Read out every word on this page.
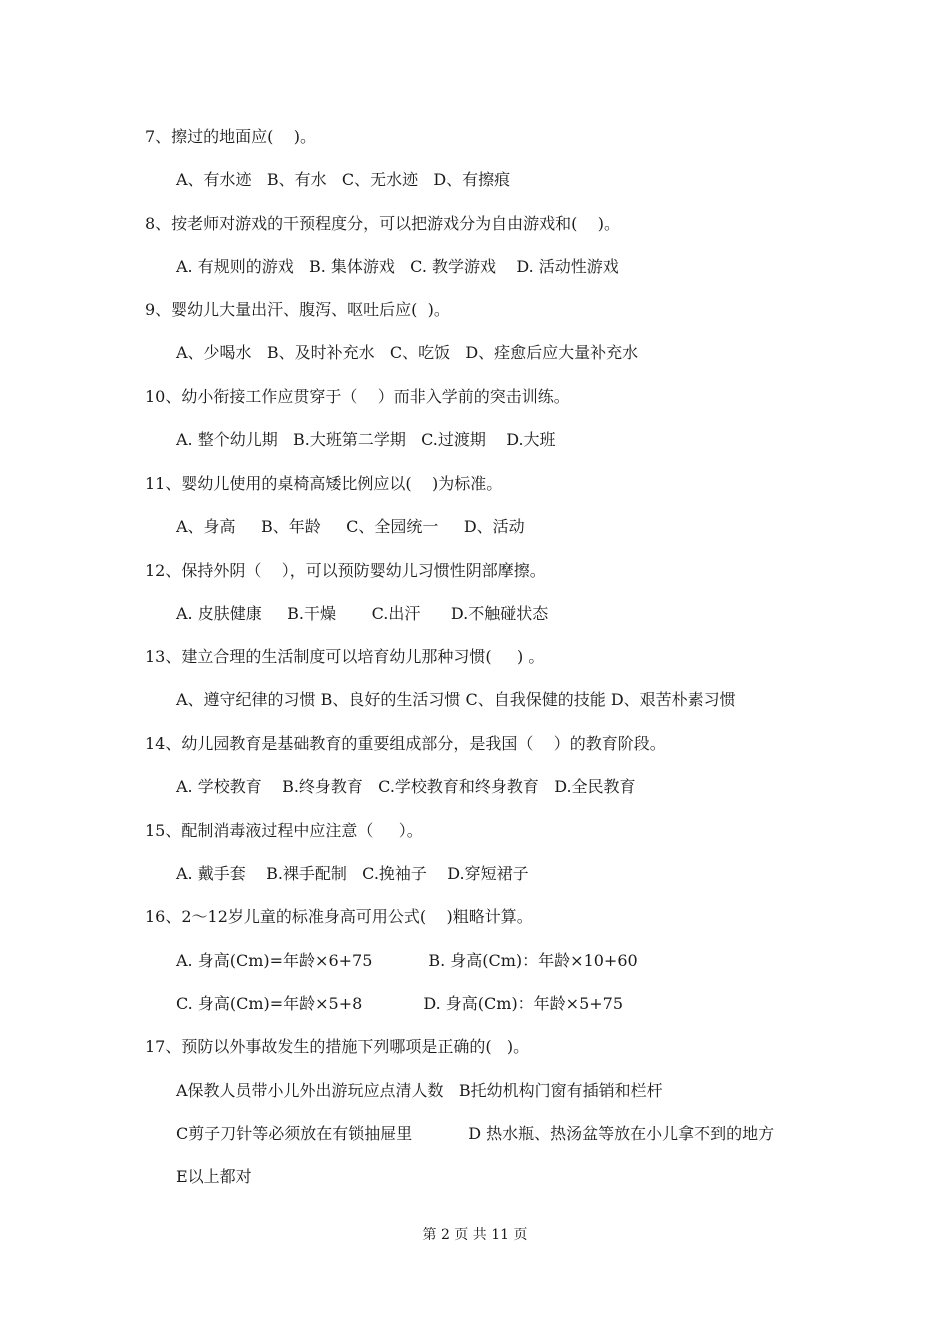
7、擦过的地面应(    )。
A、有水迹   B、有水   C、无水迹   D、有擦痕
8、按老师对游戏的干预程度分，可以把游戏分为自由游戏和(    )。
A. 有规则的游戏   B. 集体游戏   C. 教学游戏    D. 活动性游戏
9、婴幼儿大量出汗、腹泻、呕吐后应(  )。
A、少喝水   B、及时补充水   C、吃饭   D、痊愈后应大量补充水
10、幼小衔接工作应贯穿于（    ）而非入学前的突击训练。
A. 整个幼儿期   B.大班第二学期   C.过渡期    D.大班
11、婴幼儿使用的桌椅高矮比例应以(    )为标准。
A、身高     B、年龄     C、全园统一     D、活动
12、保持外阴（    ），可以预防婴幼儿习惯性阴部摩擦。
A. 皮肤健康     B.干燥       C.出汗      D.不触碰状态
13、建立合理的生活制度可以培育幼儿那种习惯(     ) 。
A、遵守纪律的习惯 B、良好的生活习惯 C、自我保健的技能 D、艰苦朴素习惯
14、幼儿园教育是基础教育的重要组成部分，是我国（    ）的教育阶段。
A. 学校教育    B.终身教育   C.学校教育和终身教育   D.全民教育
15、配制消毒液过程中应注意（     ）。
A. 戴手套    B.裸手配制   C.挽袖子    D.穿短裙子
16、2～12岁儿童的标准身高可用公式(    )粗略计算。
A. 身高(Cm)=年龄×6+75           B. 身高(Cm)：年龄×10+60
C. 身高(Cm)=年龄×5+8            D. 身高(Cm)：年龄×5+75
17、预防以外事故发生的措施下列哪项是正确的(   )。
A保教人员带小儿外出游玩应点清人数   B托幼机构门窗有插销和栏杆
C剪子刀针等必须放在有锁抽屉里           D 热水瓶、热汤盆等放在小儿拿不到的地方
E以上都对
第 2 页 共 11 页
